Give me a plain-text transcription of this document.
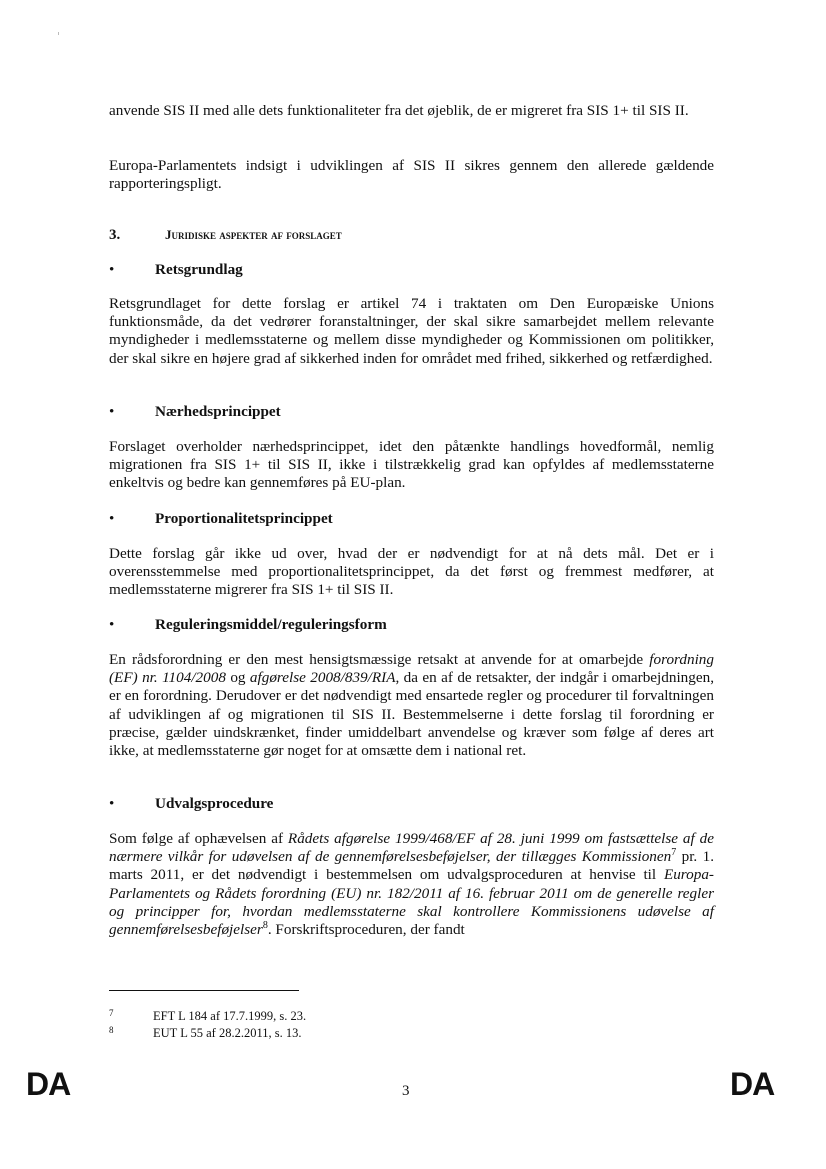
anvende SIS II med alle dets funktionaliteter fra det øjeblik, de er migreret fra SIS 1+ til SIS II.

Europa-Parlamentets indsigt i udviklingen af SIS II sikres gennem den allerede gældende rapporteringspligt.

3.	Juridiske aspekter af forslaget
•	Retsgrundlag

Retsgrundlaget for dette forslag er artikel 74 i traktaten om Den Europæiske Unions funktionsmåde, da det vedrører foranstaltninger, der skal sikre samarbejdet mellem relevante myndigheder i medlemsstaterne og mellem disse myndigheder og Kommissionen om politikker, der skal sikre en højere grad af sikkerhed inden for området med frihed, sikkerhed og retfærdighed.

•	Nærhedsprincippet

Forslaget overholder nærhedsprincippet, idet den påtænkte handlings hovedformål, nemlig migrationen fra SIS 1+ til SIS II, ikke i tilstrækkelig grad kan opfyldes af medlemsstaterne enkeltvis og bedre kan gennemføres på EU-plan.

•	Proportionalitetsprincippet

Dette forslag går ikke ud over, hvad der er nødvendigt for at nå dets mål. Det er i overensstemmelse med proportionalitetsprincippet, da det først og fremmest medfører, at medlemsstaterne migrerer fra SIS 1+ til SIS II.

•	Reguleringsmiddel/reguleringsform

En rådsforordning er den mest hensigtsmæssige retsakt at anvende for at omarbejde forordning (EF) nr. 1104/2008 og afgørelse 2008/839/RIA, da en af de retsakter, der indgår i omarbejdningen, er en forordning. Derudover er det nødvendigt med ensartede regler og procedurer til forvaltningen af udviklingen af og migrationen til SIS II. Bestemmelserne i dette forslag til forordning er præcise, gælder uindskrænket, finder umiddelbart anvendelse og kræver som følge af deres art ikke, at medlemsstaterne gør noget for at omsætte dem i national ret.

•	Udvalgsprocedure

Som følge af ophævelsen af Rådets afgørelse 1999/468/EF af 28. juni 1999 om fastsættelse af de nærmere vilkår for udøvelsen af de gennemførelsesbeføjelser, der tillægges Kommissionen$^7$ pr. 1. marts 2011, er det nødvendigt i bestemmelsen om udvalgsproceduren at henvise til Europa-Parlamentets og Rådets forordning (EU) nr. 182/2011 af 16. februar 2011 om de generelle regler og principper for, hvordan medlemsstaterne skal kontrollere Kommissionens udøvelse af gennemførelsesbeføjelser$^8$. Forskriftsproceduren, der fandt

7	EFT L 184 af 17.7.1999, s. 23.
8	EUT L 55 af 28.2.2011, s. 13.
DA	3	DA
